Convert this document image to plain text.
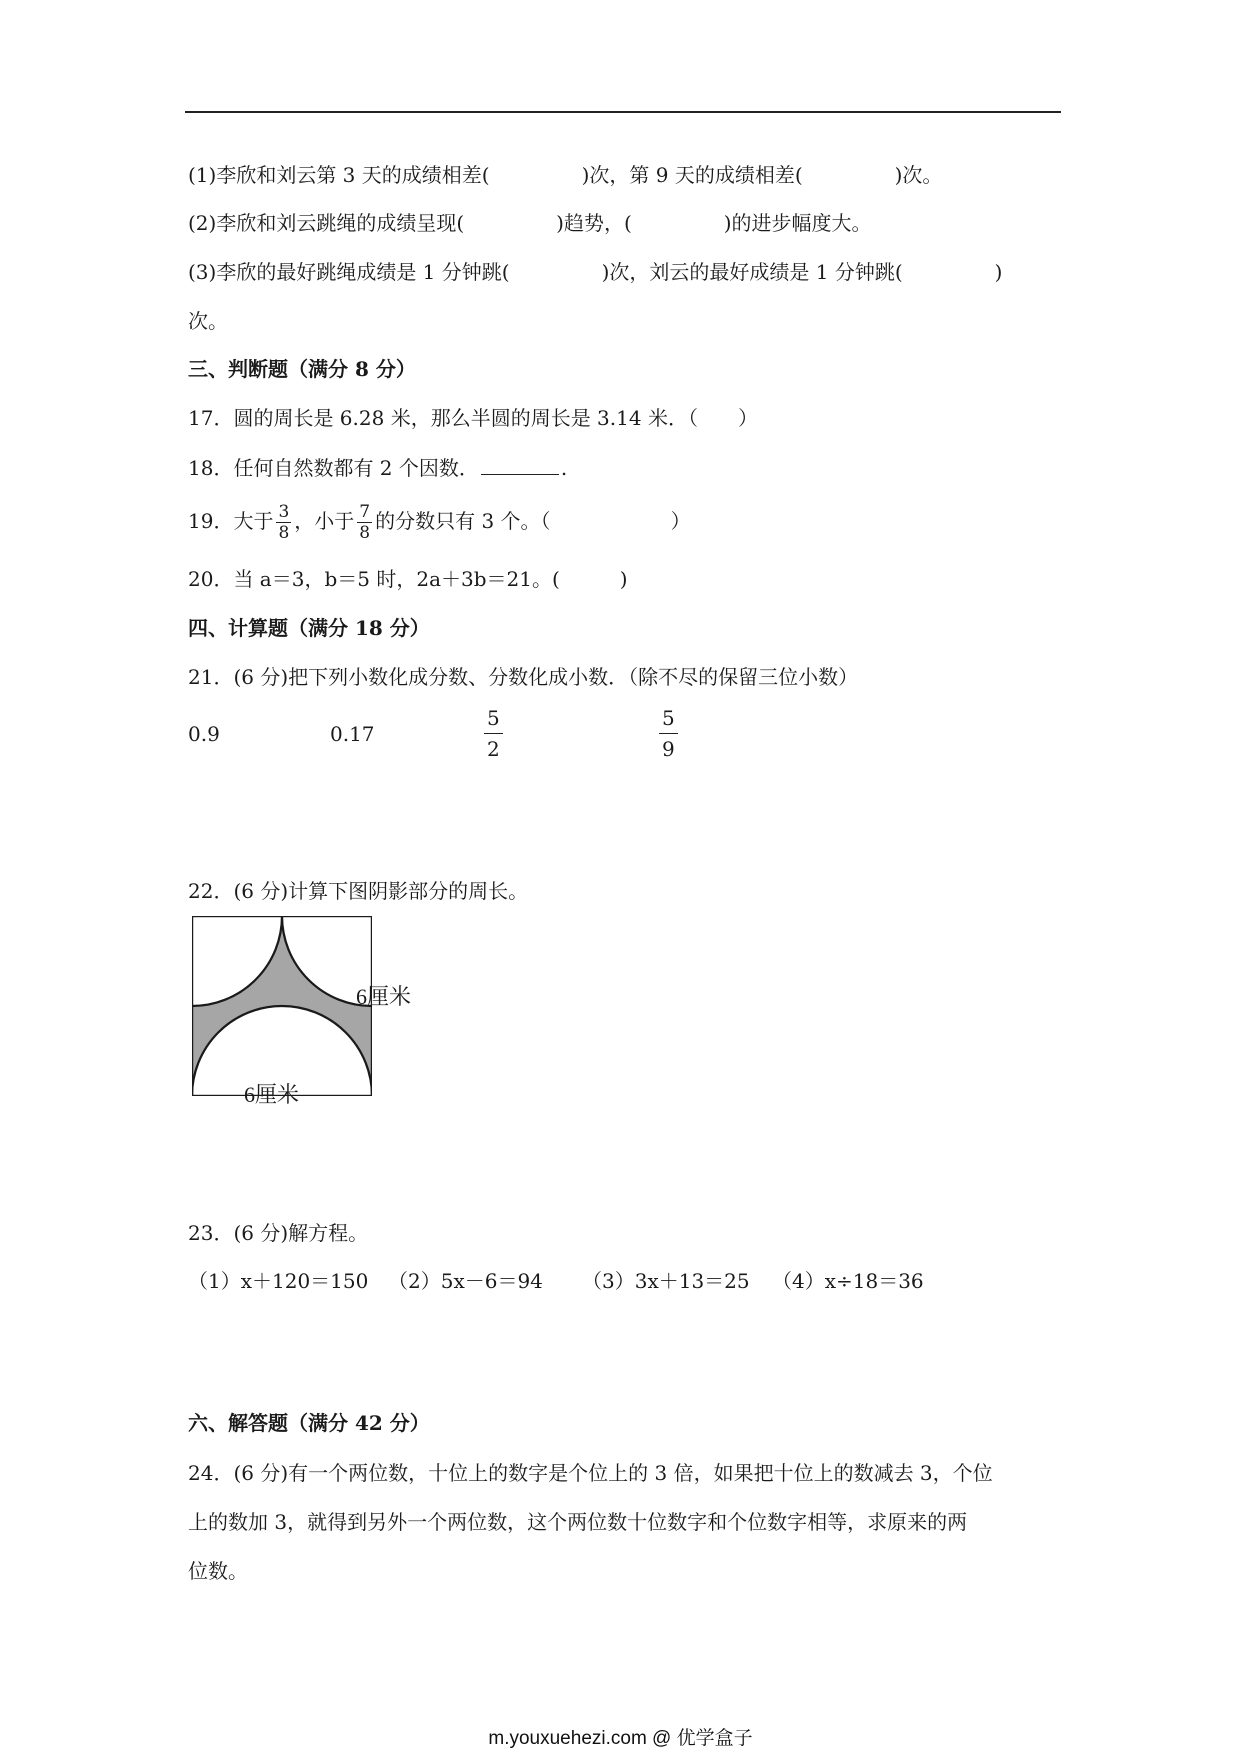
(1)李欣和刘云第 3 天的成绩相差(	)次，第 9 天的成绩相差(	)次。
(2)李欣和刘云跳绳的成绩呈现(	)趋势，(	)的进步幅度大。
(3)李欣的最好跳绳成绩是 1 分钟跳(	)次，刘云的最好成绩是 1 分钟跳(	)
次。
三、判断题（满分 8 分）
17．圆的周长是 6.28 米，那么半圆的周长是 3.14 米．（　　）
18．任何自然数都有 2 个因数．	.
19．大于 $\frac{3}{8}$ ，小于 $\frac{7}{8}$ 的分数只有 3 个。（	）
20．当 a＝3，b＝5 时，2a＋3b＝21。(　　　)
四、计算题（满分 18 分）
21．(6 分)把下列小数化成分数、分数化成小数．（除不尽的保留三位小数）
0.9	0.17	$\frac{5}{2}$	$\frac{5}{9}$
22．(6 分)计算下图阴影部分的周长。
6厘米
6厘米
23．(6 分)解方程。
（1）x＋120＝150 （2）5x－6＝94 （3）3x＋13＝25 （4）x÷18＝36
六、解答题（满分 42 分）
24．(6 分)有一个两位数，十位上的数字是个位上的 3 倍，如果把十位上的数减去 3，个位
上的数加 3，就得到另外一个两位数，这个两位数十位数字和个位数字相等，求原来的两
位数。
m.youxuehezi.com @ 优学盒子
